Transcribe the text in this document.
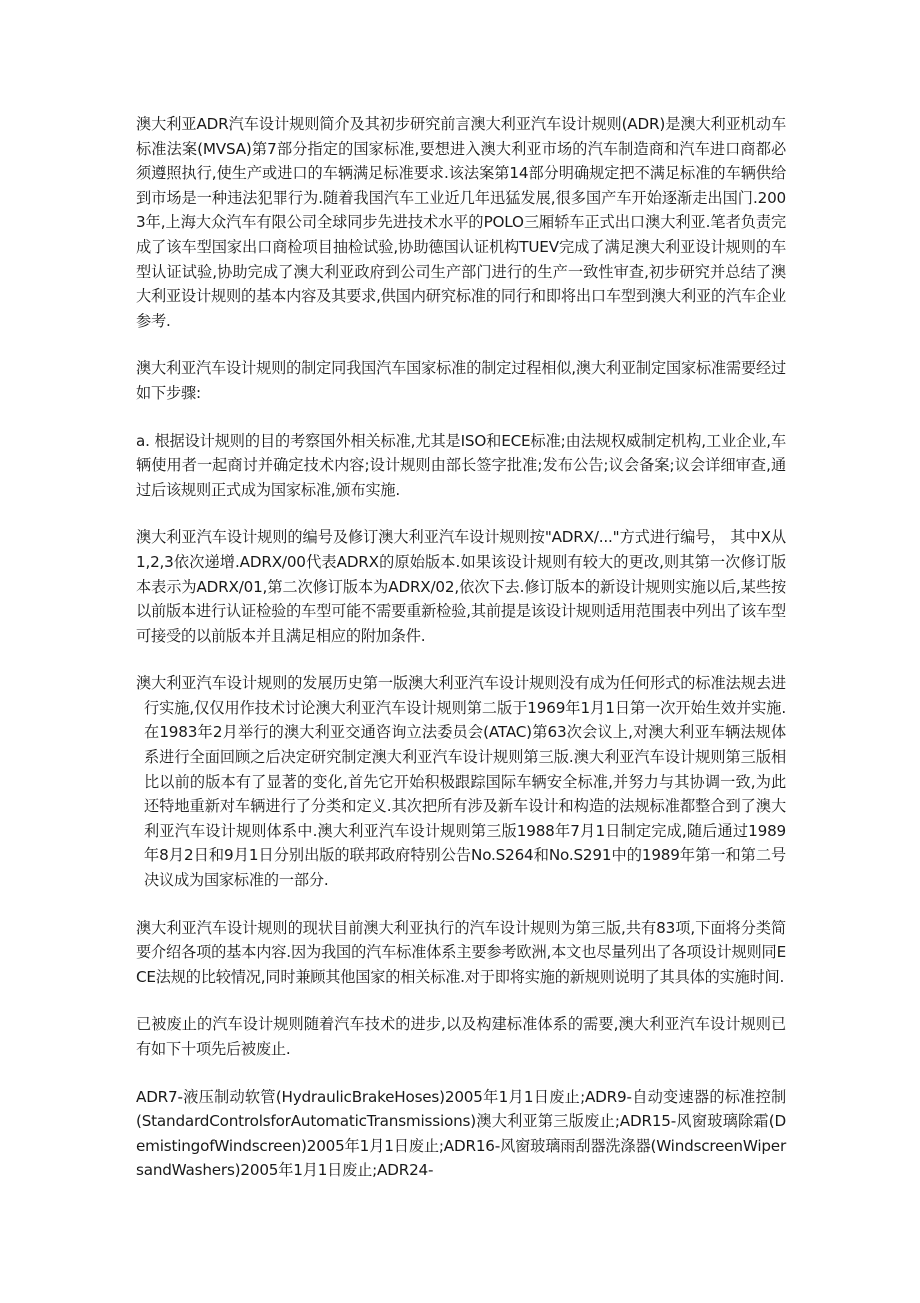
澳大利亚ADR汽车设计规则简介及其初步研究前言澳大利亚汽车设计规则(ADR)是澳大利亚机动车标准法案(MVSA)第7部分指定的国家标准,要想进入澳大利亚市场的汽车制造商和汽车进口商都必须遵照执行,使生产或进口的车辆满足标准要求.该法案第14部分明确规定把不满足标准的车辆供给到市场是一种违法犯罪行为.随着我国汽车工业近几年迅猛发展,很多国产车开始逐渐走出国门.2003年,上海大众汽车有限公司全球同步先进技术水平的POLO三厢轿车正式出口澳大利亚.笔者负责完成了该车型国家出口商检项目抽检试验,协助德国认证机构TUEV完成了满足澳大利亚设计规则的车型认证试验,协助完成了澳大利亚政府到公司生产部门进行的生产一致性审查,初步研究并总结了澳大利亚设计规则的基本内容及其要求,供国内研究标准的同行和即将出口车型到澳大利亚的汽车企业参考.

澳大利亚汽车设计规则的制定同我国汽车国家标准的制定过程相似,澳大利亚制定国家标准需要经过如下步骤:

a. 根据设计规则的目的考察国外相关标准,尤其是ISO和ECE标准;由法规权威制定机构,工业企业,车辆使用者一起商讨并确定技术内容;设计规则由部长签字批准;发布公告;议会备案;议会详细审查,通过后该规则正式成为国家标准,颁布实施.

澳大利亚汽车设计规则的编号及修订澳大利亚汽车设计规则按"ADRX/..."方式进行编号， 其中X从1,2,3依次递增.ADRX/00代表ADRX的原始版本.如果该设计规则有较大的更改,则其第一次修订版本表示为ADRX/01,第二次修订版本为ADRX/02,依次下去.修订版本的新设计规则实施以后,某些按以前版本进行认证检验的车型可能不需要重新检验,其前提是该设计规则适用范围表中列出了该车型可接受的以前版本并且满足相应的附加条件.

澳大利亚汽车设计规则的发展历史第一版澳大利亚汽车设计规则没有成为任何形式的标准法规去进行实施,仅仅用作技术讨论澳大利亚汽车设计规则第二版于1969年1月1日第一次开始生效并实施.在1983年2月举行的澳大利亚交通咨询立法委员会(ATAC)第63次会议上,对澳大利亚车辆法规体系进行全面回顾之后决定研究制定澳大利亚汽车设计规则第三版.澳大利亚汽车设计规则第三版相比以前的版本有了显著的变化,首先它开始积极跟踪国际车辆安全标准,并努力与其协调一致,为此还特地重新对车辆进行了分类和定义.其次把所有涉及新车设计和构造的法规标准都整合到了澳大利亚汽车设计规则体系中.澳大利亚汽车设计规则第三版1988年7月1日制定完成,随后通过1989年8月2日和9月1日分别出版的联邦政府特别公告No.S264和No.S291中的1989年第一和第二号决议成为国家标准的一部分.

澳大利亚汽车设计规则的现状目前澳大利亚执行的汽车设计规则为第三版,共有83项,下面将分类简要介绍各项的基本内容.因为我国的汽车标准体系主要参考欧洲,本文也尽量列出了各项设计规则同ECE法规的比较情况,同时兼顾其他国家的相关标准.对于即将实施的新规则说明了其具体的实施时间.

已被废止的汽车设计规则随着汽车技术的进步,以及构建标准体系的需要,澳大利亚汽车设计规则已有如下十项先后被废止.

ADR7-液压制动软管(HydraulicBrakeHoses)2005年1月1日废止;ADR9-自动变速器的标准控制(StandardControlsforAutomaticTransmissions)澳大利亚第三版废止;ADR15-风窗玻璃除霜(DemistingofWindscreen)2005年1月1日废止;ADR16-风窗玻璃雨刮器洗涤器(WindscreenWipersandWashers)2005年1月1日废止;ADR24-
